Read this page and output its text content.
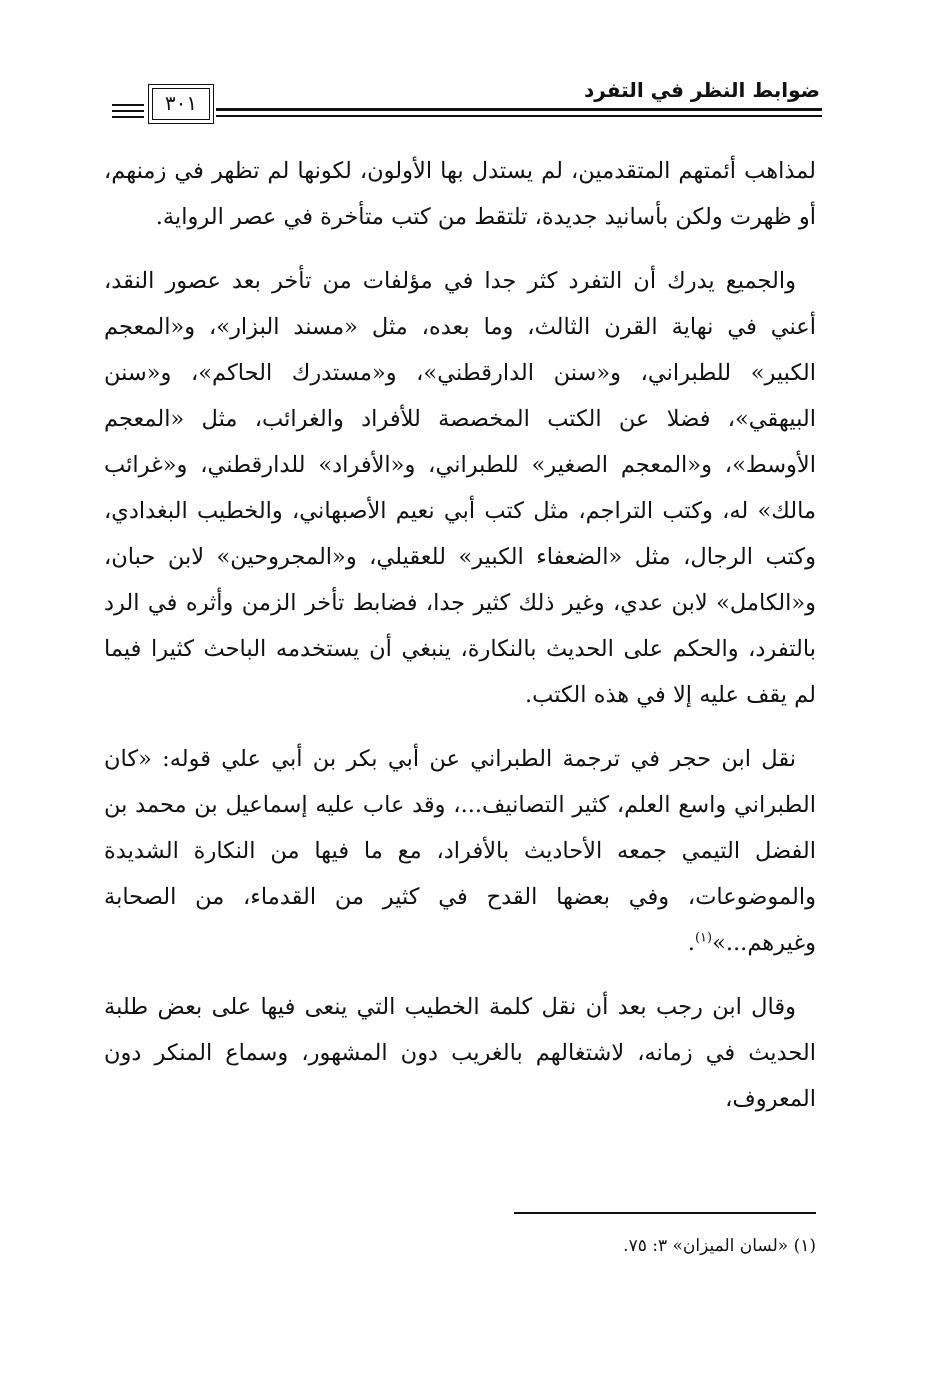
ضوابط النظر في التفرد
٣٠١

لمذاهب أئمتهم المتقدمين، لم يستدل بها الأولون، لكونها لم تظهر في زمنهم، أو ظهرت ولكن بأسانيد جديدة، تلتقط من كتب متأخرة في عصر الرواية.

والجميع يدرك أن التفرد كثر جدا في مؤلفات من تأخر بعد عصور النقد، أعني في نهاية القرن الثالث، وما بعده، مثل «مسند البزار»، و«المعجم الكبير» للطبراني، و«سنن الدارقطني»، و«مستدرك الحاكم»، و«سنن البيهقي»، فضلا عن الكتب المخصصة للأفراد والغرائب، مثل «المعجم الأوسط»، و«المعجم الصغير» للطبراني، و«الأفراد» للدارقطني، و«غرائب مالك» له، وكتب التراجم، مثل كتب أبي نعيم الأصبهاني، والخطيب البغدادي، وكتب الرجال، مثل «الضعفاء الكبير» للعقيلي، و«المجروحين» لابن حبان، و«الكامل» لابن عدي، وغير ذلك كثير جدا، فضابط تأخر الزمن وأثره في الرد بالتفرد، والحكم على الحديث بالنكارة، ينبغي أن يستخدمه الباحث كثيرا فيما لم يقف عليه إلا في هذه الكتب.

نقل ابن حجر في ترجمة الطبراني عن أبي بكر بن أبي علي قوله: «كان الطبراني واسع العلم، كثير التصانيف...، وقد عاب عليه إسماعيل بن محمد بن الفضل التيمي جمعه الأحاديث بالأفراد، مع ما فيها من النكارة الشديدة والموضوعات، وفي بعضها القدح في كثير من القدماء، من الصحابة وغيرهم...»$^{(١)}$.

وقال ابن رجب بعد أن نقل كلمة الخطيب التي ينعى فيها على بعض طلبة الحديث في زمانه، لاشتغالهم بالغريب دون المشهور، وسماع المنكر دون المعروف،

(١) «لسان الميزان» ٣: ٧٥.
